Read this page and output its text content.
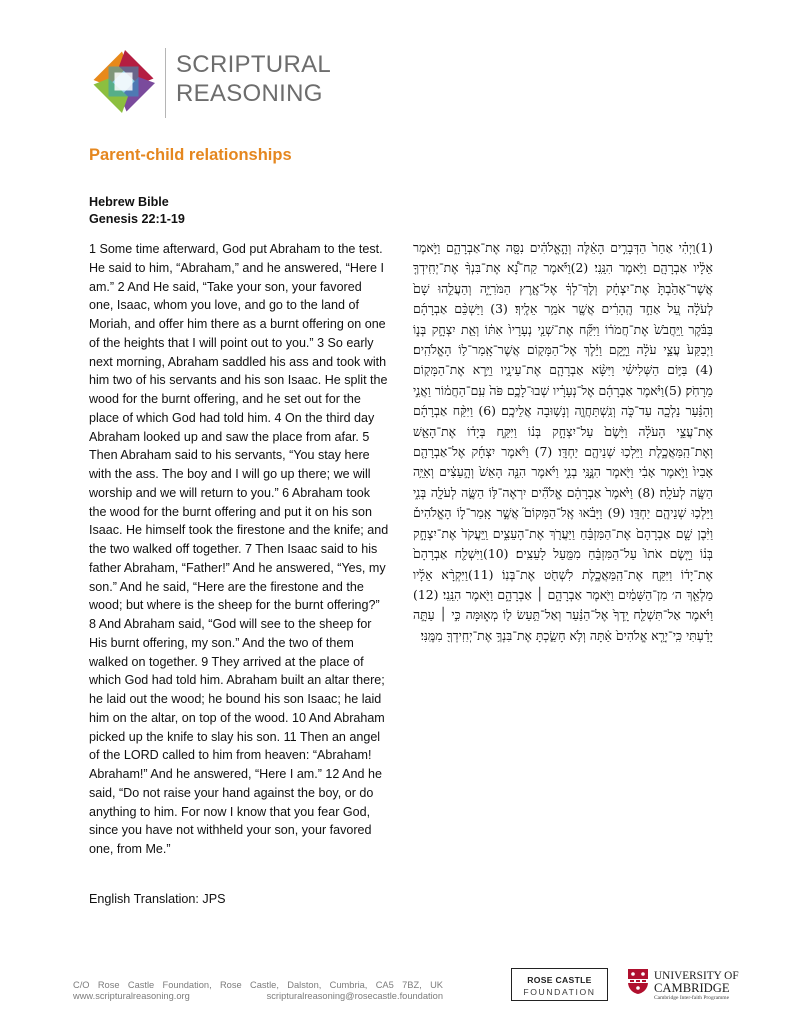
SCRIPTURAL
REASONING
Parent-child relationships
Hebrew Bible
Genesis 22:1-19

1 Some time afterward, God put Abraham to the test. He said to him, “Abraham,” and he answered, “Here I am.” 2 And He said, “Take your son, your favored one, Isaac, whom you love, and go to the land of Moriah, and offer him there as a burnt offering on one of the heights that I will point out to you.” 3 So early next morning, Abraham saddled his ass and took with him two of his servants and his son Isaac. He split the wood for the burnt offering, and he set out for the place of which God had told him. 4 On the third day Abraham looked up and saw the place from afar. 5 Then Abraham said to his servants, “You stay here with the ass. The boy and I will go up there; we will worship and we will return to you.” 6 Abraham took the wood for the burnt offering and put it on his son Isaac. He himself took the firestone and the knife; and the two walked off together. 7 Then Isaac said to his father Abraham, “Father!” And he answered, “Yes, my son.” And he said, “Here are the firestone and the wood; but where is the sheep for the burnt offering?” 8 And Abraham said, “God will see to the sheep for His burnt offering, my son.” And the two of them walked on together. 9 They arrived at the place of which God had told him. Abraham built an altar there; he laid out the wood; he bound his son Isaac; he laid him on the altar, on top of the wood. 10 And Abraham picked up the knife to slay his son. 11 Then an angel of the LORD called to him from heaven: “Abraham! Abraham!” And he answered, “Here I am.” 12 And he said, “Do not raise your hand against the boy, or do anything to him. For now I know that you fear God, since you have not withheld your son, your favored one, from Me.”

(1)וַיְהִ֗י אַחַר֙ הַדְּבָרִ֣ים הָאֵ֔לֶּה וְהָ֣אֱלֹהִ֔ים נִסָּ֖ה אֶת־אַבְרָהָ֑ם וַיֹּ֣אמֶר אֵלָ֔יו אַבְרָהָ֖ם וַיֹּ֥אמֶר הִנֵּֽנִי׃ (2)וַיֹּ֡אמֶר קַח־נָ֠א אֶת־בִּנְךָ֨ אֶת־יְחִֽידְךָ֤ אֲשֶׁר־אָהַ֙בְתָּ֙ אֶת־יִצְחָ֔ק וְלֶךְ־לְךָ֔ אֶל־אֶ֖רֶץ הַמֹּרִיָּ֑ה וְהַעֲלֵ֤הוּ שָׁם֙ לְעֹלָ֔ה עַ֚ל אַחַ֣ד הֶֽהָרִ֔ים אֲשֶׁ֖ר אֹמַ֥ר אֵלֶֽיךָ׃ (3) וַיַּשְׁכֵּ֨ם אַבְרָהָ֜ם בַּבֹּ֗קֶר וַֽיַּחֲבֹשׁ֙ אֶת־חֲמֹר֔וֹ וַיִּקַּ֞ח אֶת־שְׁנֵ֤י נְעָרָיו֙ אִתּ֔וֹ וְאֵ֖ת יִצְחָ֣ק בְּנ֑וֹ וַיְבַקַּע֙ עֲצֵ֣י עֹלָ֔ה וַיָּ֣קָם וַיֵּ֔לֶךְ אֶל־הַמָּק֖וֹם אֲשֶׁר־אָֽמַר־ל֥וֹ הָאֱלֹהִֽים׃ (4) בַּיּ֣וֹם הַשְּׁלִישִׁ֗י וַיִּשָּׂ֨א אַבְרָהָ֧ם אֶת־עֵינָ֛יו וַיַּ֥רְא אֶת־הַמָּק֖וֹם מֵרָחֹֽק׃ (5)וַיֹּ֨אמֶר אַבְרָהָ֜ם אֶל־נְעָרָ֗יו שְׁבוּ־לָכֶ֥ם פֹּה֙ עִֽם־הַחֲמ֔וֹר וַאֲנִ֣י וְהַנַּ֔עַר נֵלְכָ֖ה עַד־כֹּ֑ה וְנִֽשְׁתַּחֲוֶ֖ה וְנָשׁ֥וּבָה אֲלֵיכֶֽם׃ (6) וַיִּקַּ֨ח אַבְרָהָ֜ם אֶת־עֲצֵ֣י הָעֹלָ֗ה וַיָּ֙שֶׂם֙ עַל־יִצְחָ֣ק בְּנ֔וֹ וַיִּקַּ֣ח בְּיָד֔וֹ אֶת־הָאֵ֖שׁ וְאֶת־הַֽמַּאֲכֶ֑לֶת וַיֵּלְכ֥וּ שְׁנֵיהֶ֖ם יַחְדָּֽו׃ (7) וַיֹּ֨אמֶר יִצְחָ֜ק אֶל־אַבְרָהָ֤ם אָבִיו֙ וַיֹּ֣אמֶר אָבִ֔י וַיֹּ֖אמֶר הִנֶּ֣נִּֽי בְנִ֑י וַיֹּ֗אמֶר הִנֵּ֤ה הָאֵשׁ֙ וְהָ֣עֵצִ֔ים וְאַיֵּ֥ה הַשֶּׂ֖ה לְעֹלָֽה׃ (8) וַיֹּ֙אמֶר֙ אַבְרָהָ֔ם אֱלֹהִ֞ים יִרְאֶה־לּ֥וֹ הַשֶּׂ֛ה לְעֹלָ֖ה בְּנִ֑י וַיֵּלְכ֥וּ שְׁנֵיהֶ֖ם יַחְדָּֽו׃ (9) וַיָּבֹ֗אוּ אֶֽל־הַמָּקוֹם֮ אֲשֶׁ֣ר אָֽמַר־ל֣וֹ הָאֱלֹהִים֒ וַיִּ֨בֶן שָׁ֤ם אַבְרָהָם֙ אֶת־הַמִּזְבֵּ֔חַ וַיַּעֲרֹ֖ךְ אֶת־הָעֵצִ֑ים וַֽיַּעֲקֹד֙ אֶת־יִצְחָ֣ק בְּנ֔וֹ וַיָּ֤שֶׂם אֹתוֹ֙ עַל־הַמִּזְבֵּ֔חַ מִמַּ֖עַל לָעֵצִֽים׃ (10)וַיִּשְׁלַ֤ח אַבְרָהָם֙ אֶת־יָד֔וֹ וַיִּקַּ֖ח אֶת־הַֽמַּאֲכֶ֑לֶת לִשְׁחֹ֖ט אֶת־בְּנֽוֹ׃ (11)וַיִּקְרָ֨א אֵלָ֜יו מַלְאַ֤ךְ ה׳ מִן־הַשָּׁמַ֔יִם וַיֹּ֖אמֶר אַבְרָהָ֣ם ׀ אַבְרָהָ֑ם וַיֹּ֖אמֶר הִנֵּֽנִי׃ (12) וַיֹּ֗אמֶר אַל־תִּשְׁלַ֤ח יָֽדְךָ֙ אֶל־הַנַּ֔עַר וְאַל־תַּ֥עַשׂ ל֖וֹ מְא֑וּמָּה כִּ֣י ׀ עַתָּ֣ה יָדַ֗עְתִּי כִּֽי־יְרֵ֤א אֱלֹהִים֙ אַ֔תָּה וְלֹ֥א חָשַׂ֛כְתָּ אֶת־בִּנְךָ֥ אֶת־יְחִֽידְךָ֖ מִמֶּֽנִּי׃

English Translation: JPS
C/O Rose Castle Foundation, Rose Castle, Dalston, Cumbria, CA5 7BZ, UK
www.scripturalreasoning.org	scripturalreasoning@rosecastle.foundation
ROSE CASTLE
FOUNDATION
UNIVERSITY OF
CAMBRIDGE
Cambridge Inter-faith Programme
